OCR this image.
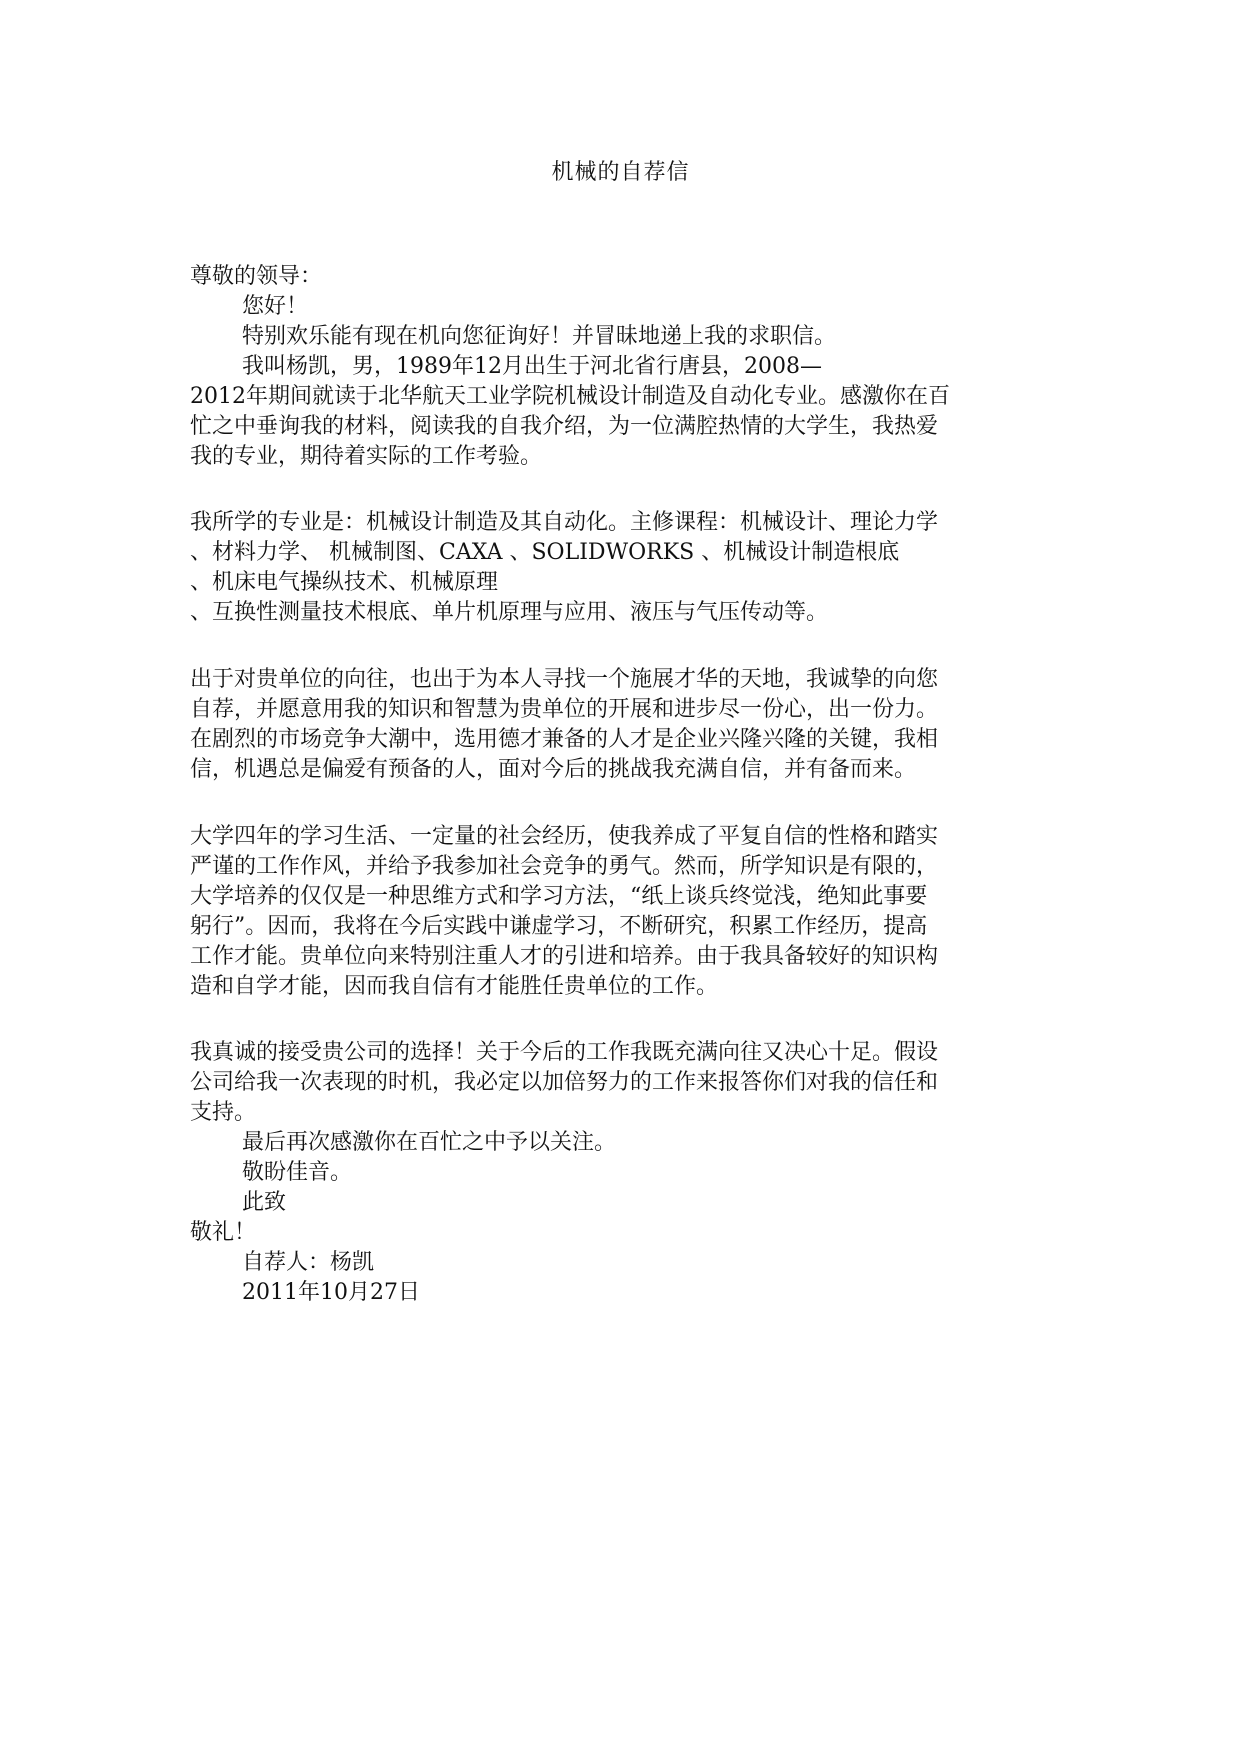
机械的自荐信
尊敬的领导：
您好！
特别欢乐能有现在机向您征询好！并冒昧地递上我的求职信。
我叫杨凯，男，1989年12月出生于河北省行唐县，2008—
2012年期间就读于北华航天工业学院机械设计制造及自动化专业。感激你在百
忙之中垂询我的材料，阅读我的自我介绍，为一位满腔热情的大学生，我热爱
我的专业，期待着实际的工作考验。
我所学的专业是：机械设计制造及其自动化。主修课程：机械设计、理论力学
、材料力学、 机械制图、CAXA 、SOLIDWORKS 、机械设计制造根底
、机床电气操纵技术、机械原理
、互换性测量技术根底、单片机原理与应用、液压与气压传动等。
出于对贵单位的向往，也出于为本人寻找一个施展才华的天地，我诚挚的向您
自荐，并愿意用我的知识和智慧为贵单位的开展和进步尽一份心，出一份力。
在剧烈的市场竞争大潮中，选用德才兼备的人才是企业兴隆兴隆的关键，我相
信，机遇总是偏爱有预备的人，面对今后的挑战我充满自信，并有备而来。
大学四年的学习生活、一定量的社会经历，使我养成了平复自信的性格和踏实
严谨的工作作风，并给予我参加社会竞争的勇气。然而，所学知识是有限的，
大学培养的仅仅是一种思维方式和学习方法，“纸上谈兵终觉浅，绝知此事要
躬行”。因而，我将在今后实践中谦虚学习，不断研究，积累工作经历，提高
工作才能。贵单位向来特别注重人才的引进和培养。由于我具备较好的知识构
造和自学才能，因而我自信有才能胜任贵单位的工作。
我真诚的接受贵公司的选择！关于今后的工作我既充满向往又决心十足。假设
公司给我一次表现的时机，我必定以加倍努力的工作来报答你们对我的信任和
支持。
最后再次感激你在百忙之中予以关注。
敬盼佳音。
此致
敬礼！
自荐人：杨凯
2011年10月27日
